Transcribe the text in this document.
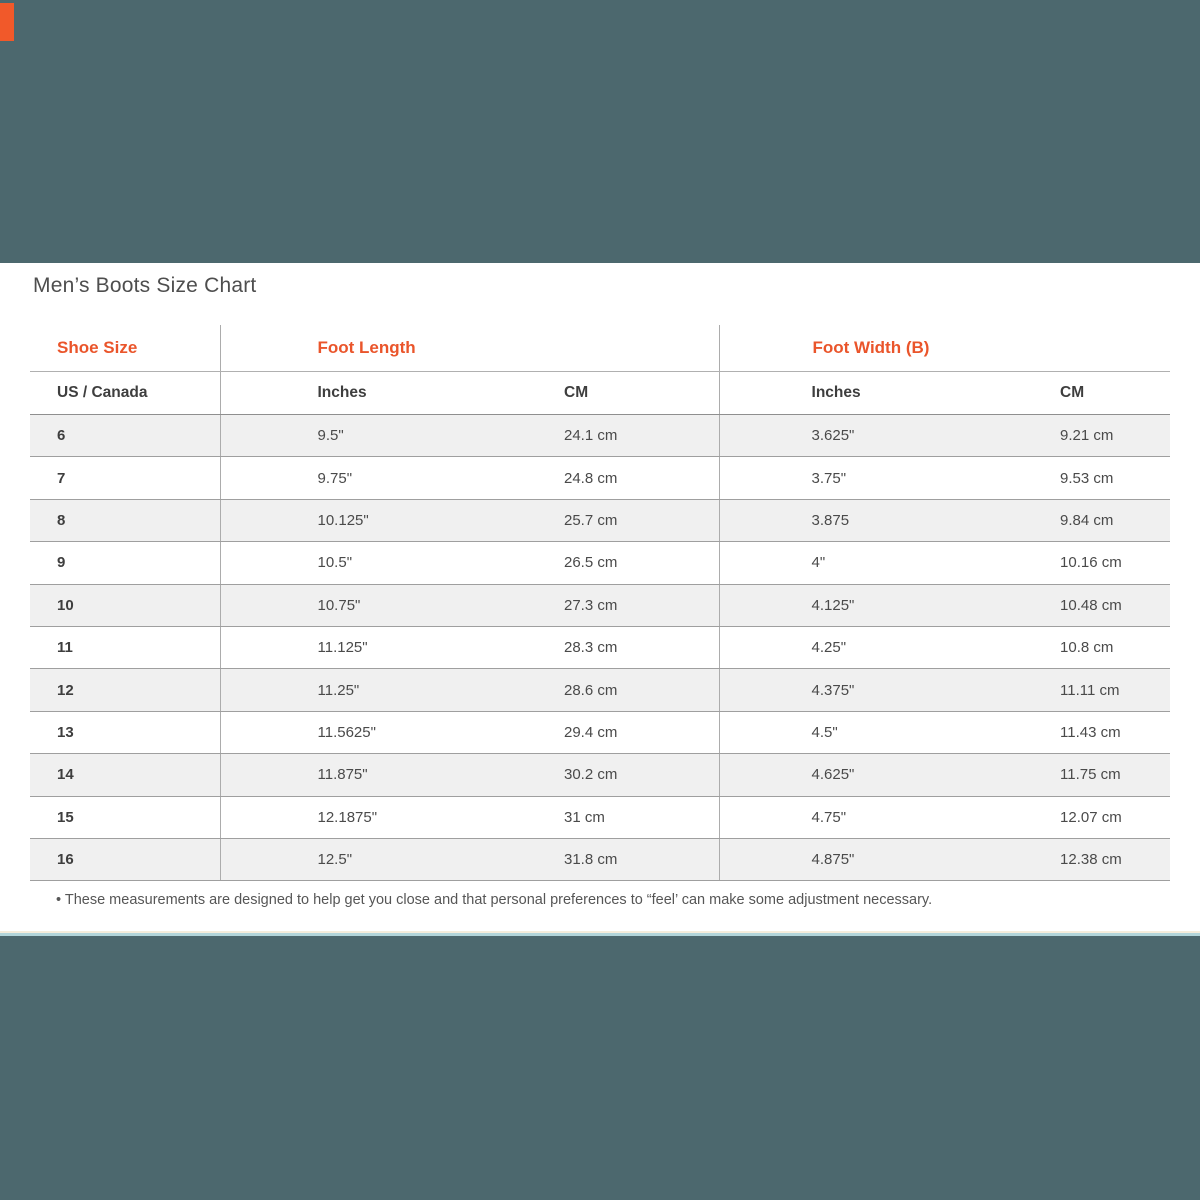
Men’s Boots Size Chart
Shoe Size	Foot Length		Foot Width (B)	
US / Canada	Inches	CM	Inches	CM
6	9.5"	24.1 cm	3.625"	9.21 cm
7	9.75"	24.8 cm	3.75"	9.53 cm
8	10.125"	25.7 cm	3.875	9.84 cm
9	10.5"	26.5 cm	4"	10.16 cm
10	10.75"	27.3 cm	4.125"	10.48 cm
11	11.125"	28.3 cm	4.25"	10.8 cm
12	11.25"	28.6 cm	4.375"	11.11 cm
13	11.5625"	29.4 cm	4.5"	11.43 cm
14	11.875"	30.2 cm	4.625"	11.75 cm
15	12.1875"	31 cm	4.75"	12.07 cm
16	12.5"	31.8 cm	4.875"	12.38 cm
• These measurements are designed to help get you close and that personal preferences to “feel’ can make some adjustment necessary.
